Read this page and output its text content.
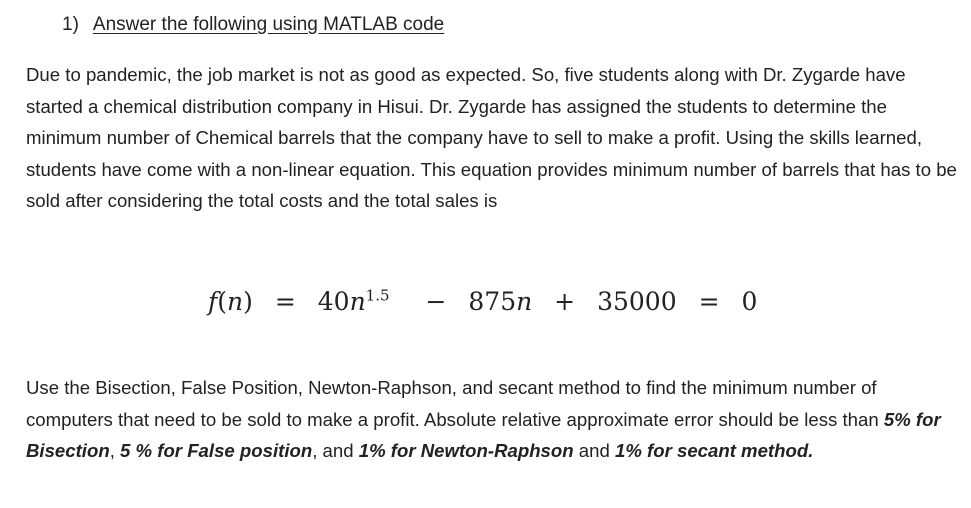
1) Answer the following using MATLAB code
Due to pandemic, the job market is not as good as expected. So, five students along with Dr. Zygarde have started a chemical distribution company in Hisui. Dr. Zygarde has assigned the students to determine the minimum number of Chemical barrels that the company have to sell to make a profit. Using the skills learned, students have come with a non-linear equation. This equation provides minimum number of barrels that has to be sold after considering the total costs and the total sales is
$f(n) = 40n^{1.5} - 875n + 35000 = 0$
Use the Bisection, False Position, Newton-Raphson, and secant method to find the minimum number of computers that need to be sold to make a profit. Absolute relative approximate error should be less than 5% for Bisection, 5 % for False position, and 1% for Newton-Raphson and 1% for secant method.
